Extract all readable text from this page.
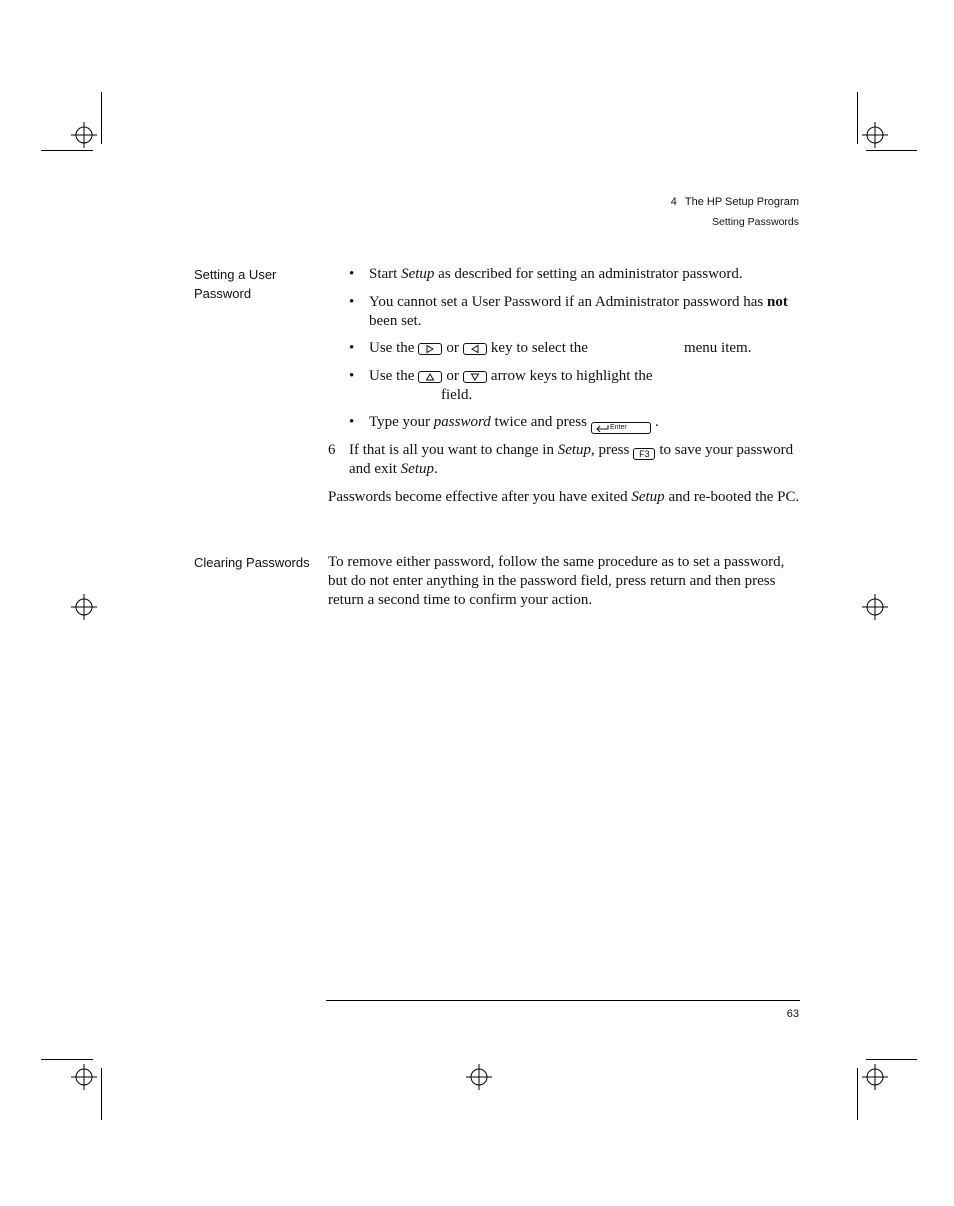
4 The HP Setup Program
Setting Passwords
Setting a User
Password
• Start Setup as described for setting an administrator password.
• You cannot set a User Password if an Administrator password has not been set.
• Use the or key to select the	menu item.
• Use the or arrow keys to highlight the
field.
• Type your password twice and press	Enter .
6 If that is all you want to change in Setup, press F3 to save your password and exit Setup.
Passwords become effective after you have exited Setup and re-booted the PC.
Clearing Passwords	To remove either password, follow the same procedure as to set a password, but do not enter anything in the password field, press return and then press return a second time to confirm your action.
63
